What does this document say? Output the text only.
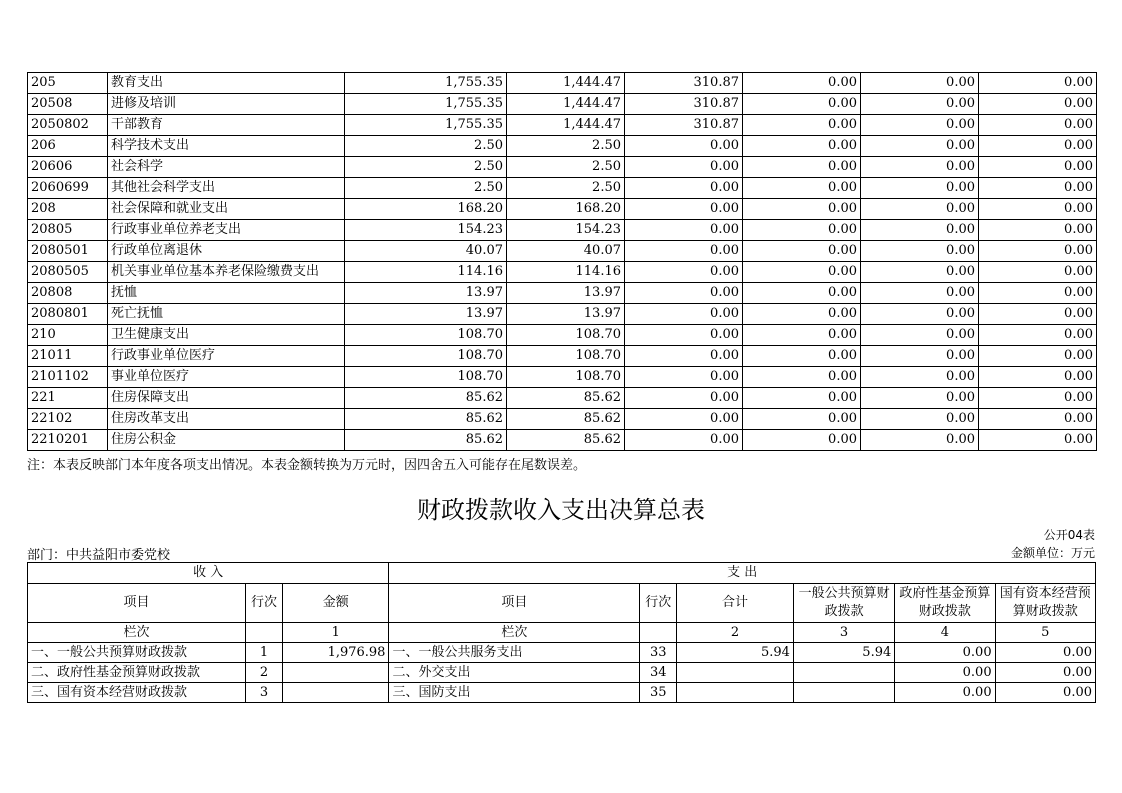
205	教育支出	1,755.35	1,444.47	310.87	0.00	0.00	0.00
20508	进修及培训	1,755.35	1,444.47	310.87	0.00	0.00	0.00
2050802	干部教育	1,755.35	1,444.47	310.87	0.00	0.00	0.00
206	科学技术支出	2.50	2.50	0.00	0.00	0.00	0.00
20606	社会科学	2.50	2.50	0.00	0.00	0.00	0.00
2060699	其他社会科学支出	2.50	2.50	0.00	0.00	0.00	0.00
208	社会保障和就业支出	168.20	168.20	0.00	0.00	0.00	0.00
20805	行政事业单位养老支出	154.23	154.23	0.00	0.00	0.00	0.00
2080501	行政单位离退休	40.07	40.07	0.00	0.00	0.00	0.00
2080505	机关事业单位基本养老保险缴费支出	114.16	114.16	0.00	0.00	0.00	0.00
20808	抚恤	13.97	13.97	0.00	0.00	0.00	0.00
2080801	死亡抚恤	13.97	13.97	0.00	0.00	0.00	0.00
210	卫生健康支出	108.70	108.70	0.00	0.00	0.00	0.00
21011	行政事业单位医疗	108.70	108.70	0.00	0.00	0.00	0.00
2101102	事业单位医疗	108.70	108.70	0.00	0.00	0.00	0.00
221	住房保障支出	85.62	85.62	0.00	0.00	0.00	0.00
22102	住房改革支出	85.62	85.62	0.00	0.00	0.00	0.00
2210201	住房公积金	85.62	85.62	0.00	0.00	0.00	0.00
注：本表反映部门本年度各项支出情况。本表金额转换为万元时，因四舍五入可能存在尾数误差。
财政拨款收入支出决算总表
公开04表
部门：中共益阳市委党校	金额单位：万元
收 入			支 出					
项目	行次	金额	项目	行次	合计	一般公共预算财政拨款	政府性基金预算财政拨款	国有资本经营预算财政拨款
栏次		1	栏次		2	3	4	5
一、一般公共预算财政拨款	1	1,976.98	一、一般公共服务支出	33	5.94	5.94	0.00	0.00
二、政府性基金预算财政拨款	2		二、外交支出	34			0.00	0.00
三、国有资本经营财政拨款	3		三、国防支出	35			0.00	0.00
